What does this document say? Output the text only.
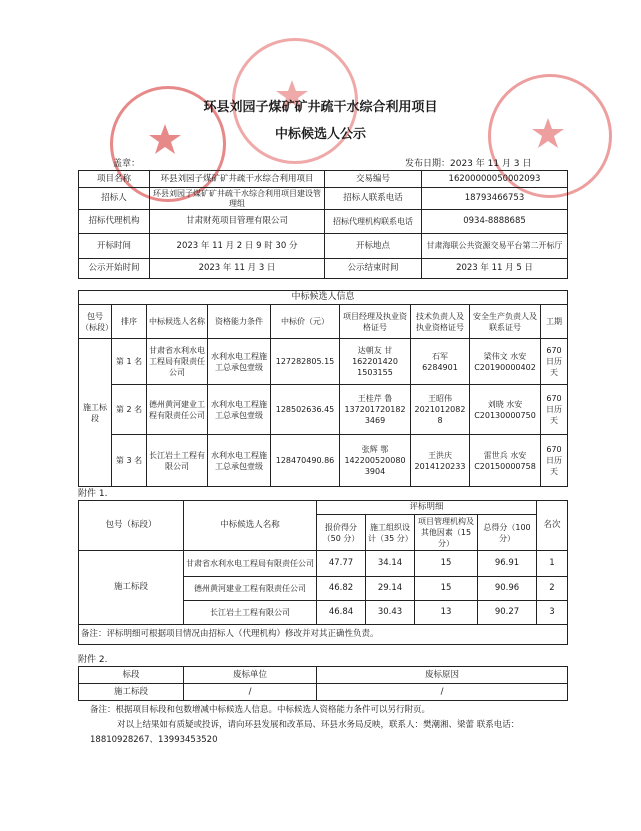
环县刘园子煤矿矿井疏干水综合利用项目
中标候选人公示
盖章：	发布日期：2023 年 11 月 3 日
项目名称	环县刘园子煤矿矿井疏干水综合利用项目	交易编号	16200000050002093
招标人	环县刘园子煤矿矿井疏干水综合利用项目建设管理组	招标人联系电话	18793466753
招标代理机构	甘肃财苑项目管理有限公司	招标代理机构联系电话	0934-8888685
开标时间	2023 年 11 月 2 日 9 时 30 分	开标地点	甘肃海联公共资源交易平台第二开标厅
公示开始时间	2023 年 11 月 3 日	公示结束时间	2023 年 11 月 5 日
中标候选人信息								
包号（标段）	排序	中标候选人名称	资格能力条件	中标价（元）	项目经理及执业资格证号	技术负责人及执业资格证号	安全生产负责人及联系证号	工期
施工标段	第 1 名	甘肃省水利水电工程局有限责任公司	水利水电工程施工总承包壹级	127282805.15	达朝友 甘 162201420 1503155	石军 6284901	梁伟文 水安 C20190000402	670 日历天
	第 2 名	德州黄河建业工程有限责任公司	水利水电工程施工总承包壹级	128502636.45	王桂芹 鲁 137201720182 3469	王昭伟 2021012082 8	刘晓 水安 C20130000750	670 日历天
	第 3 名	长江岩土工程有限公司	水利水电工程施工总承包壹级	128470490.86	张辉 鄂 142200520080 3904	王洪庆 2014120233	雷世兵 水安 C20150000758	670 日历天
附件 1.
包号（标段）	中标候选人名称	评标明细				名次
		报价得分（50 分）	施工组织设计（35 分）	项目管理机构及其他因素（15 分）	总得分（100 分）	
施工标段	甘肃省水利水电工程局有限责任公司	47.77	34.14	15	96.91	1
	德州黄河建业工程有限责任公司	46.82	29.14	15	90.96	2
	长江岩土工程有限公司	46.84	30.43	13	90.27	3
备注：评标明细可根据项目情况由招标人（代理机构）修改并对其正确性负责。						
附件 2.
标段	废标单位	废标原因
施工标段	/	/
备注：根据项目标段和包数增减中标候选人信息。中标候选人资格能力条件可以另行附页。
对以上结果如有质疑或投诉，请向环县发展和改革局、环县水务局反映，联系人：樊潮湘、梁蕾 联系电话：
18810928267、13993453520
